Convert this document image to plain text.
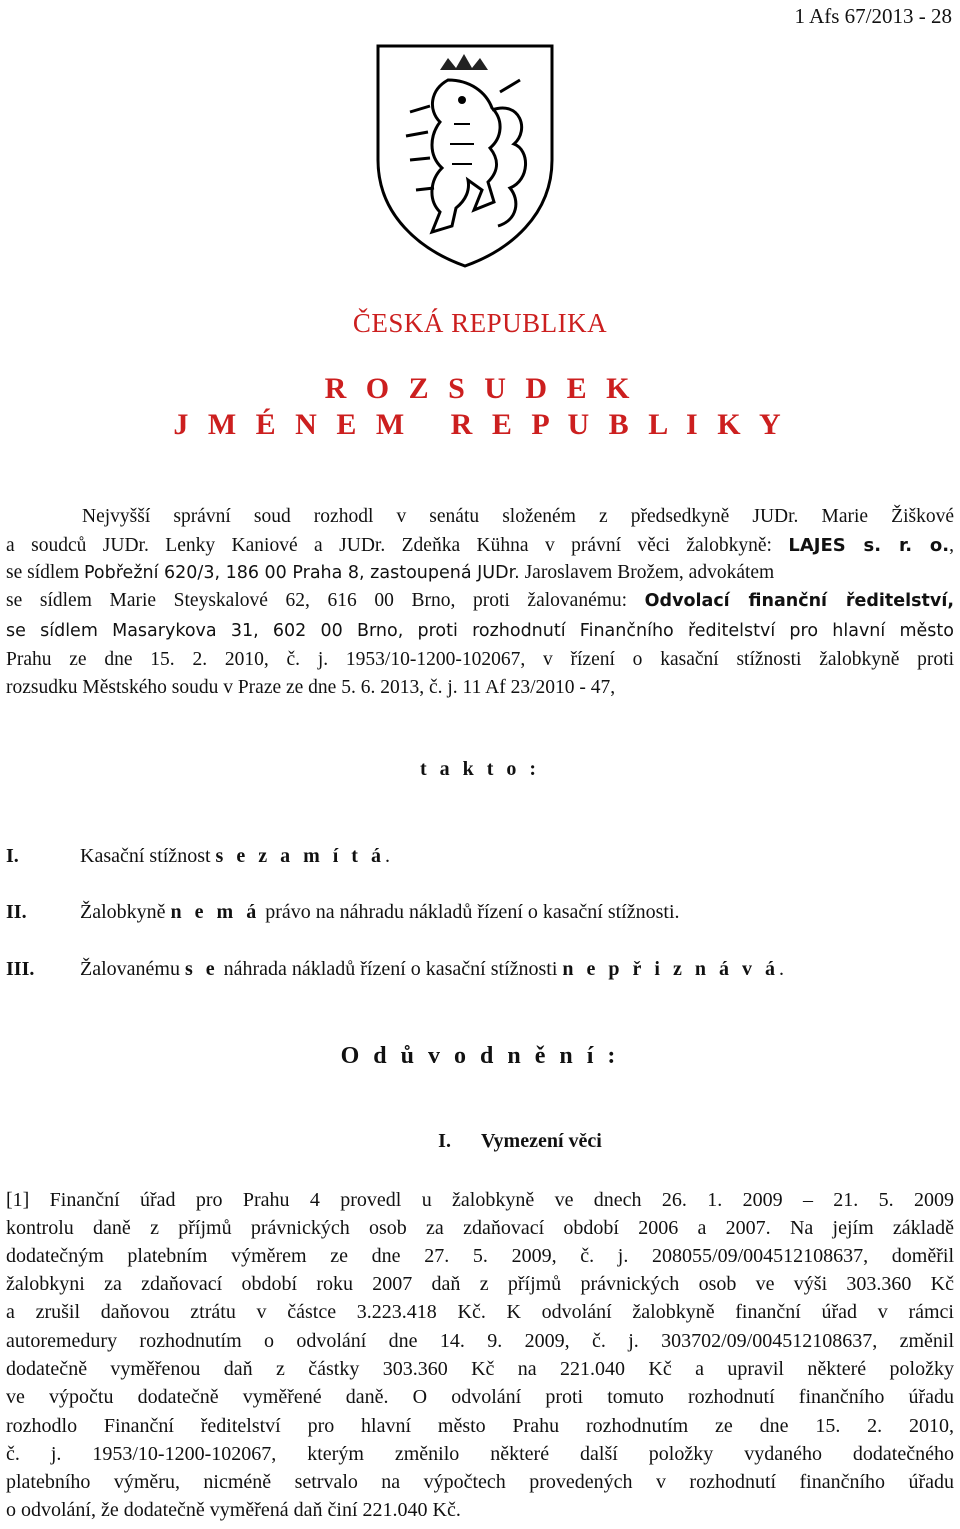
1 Afs 67/2013 - 28
ČESKÁ REPUBLIKA
R O Z S U D E K
J M É N E M   R E P U B L I K Y
Nejvyšší správní soud rozhodl v senátu složeném z předsedkyně JUDr. Marie Žiškové
a soudců JUDr. Lenky Kaniové a JUDr. Zdeňka Kühna v právní věci žalobkyně: LAJES s. r. o.,
se sídlem Pobřežní 620/3, 186 00 Praha 8, zastoupená JUDr. Jaroslavem Brožem, advokátem
se sídlem Marie Steyskalové 62, 616 00 Brno, proti žalovanému: Odvolací finanční ředitelství,
se sídlem Masarykova 31, 602 00 Brno, proti rozhodnutí Finančního ředitelství pro hlavní město
Prahu ze dne 15. 2. 2010, č. j. 1953/10-1200-102067, v řízení o kasační stížnosti žalobkyně proti
rozsudku Městského soudu v Praze ze dne 5. 6. 2013, č. j. 11 Af 23/2010 - 47,
t a k t o :
I.	Kasační stížnost s e z a m í t á.
II.	Žalobkyně n e m á právo na náhradu nákladů řízení o kasační stížnosti.
III. Žalovanému s e náhrada nákladů řízení o kasační stížnosti n e p ř i z n á v á.
O d ů v o d n ě n í :
I. Vymezení věci
[1] Finanční úřad pro Prahu 4 provedl u žalobkyně ve dnech 26. 1. 2009 – 21. 5. 2009
kontrolu daně z příjmů právnických osob za zdaňovací období 2006 a 2007. Na jejím základě
dodatečným platebním výměrem ze dne 27. 5. 2009, č. j. 208055/09/004512108637, doměřil
žalobkyni za zdaňovací období roku 2007 daň z příjmů právnických osob ve výši 303.360 Kč
a zrušil daňovou ztrátu v částce 3.223.418 Kč. K odvolání žalobkyně finanční úřad v rámci
autoremedury rozhodnutím o odvolání dne 14. 9. 2009, č. j. 303702/09/004512108637, změnil
dodatečně vyměřenou daň z částky 303.360 Kč na 221.040 Kč a upravil některé položky
ve výpočtu dodatečně vyměřené daně. O odvolání proti tomuto rozhodnutí finančního úřadu
rozhodlo Finanční ředitelství pro hlavní město Prahu rozhodnutím ze dne 15. 2. 2010,
č. j. 1953/10-1200-102067, kterým změnilo některé další položky vydaného dodatečného
platebního výměru, nicméně setrvalo na výpočtech provedených v rozhodnutí finančního úřadu
o odvolání, že dodatečně vyměřená daň činí 221.040 Kč.
